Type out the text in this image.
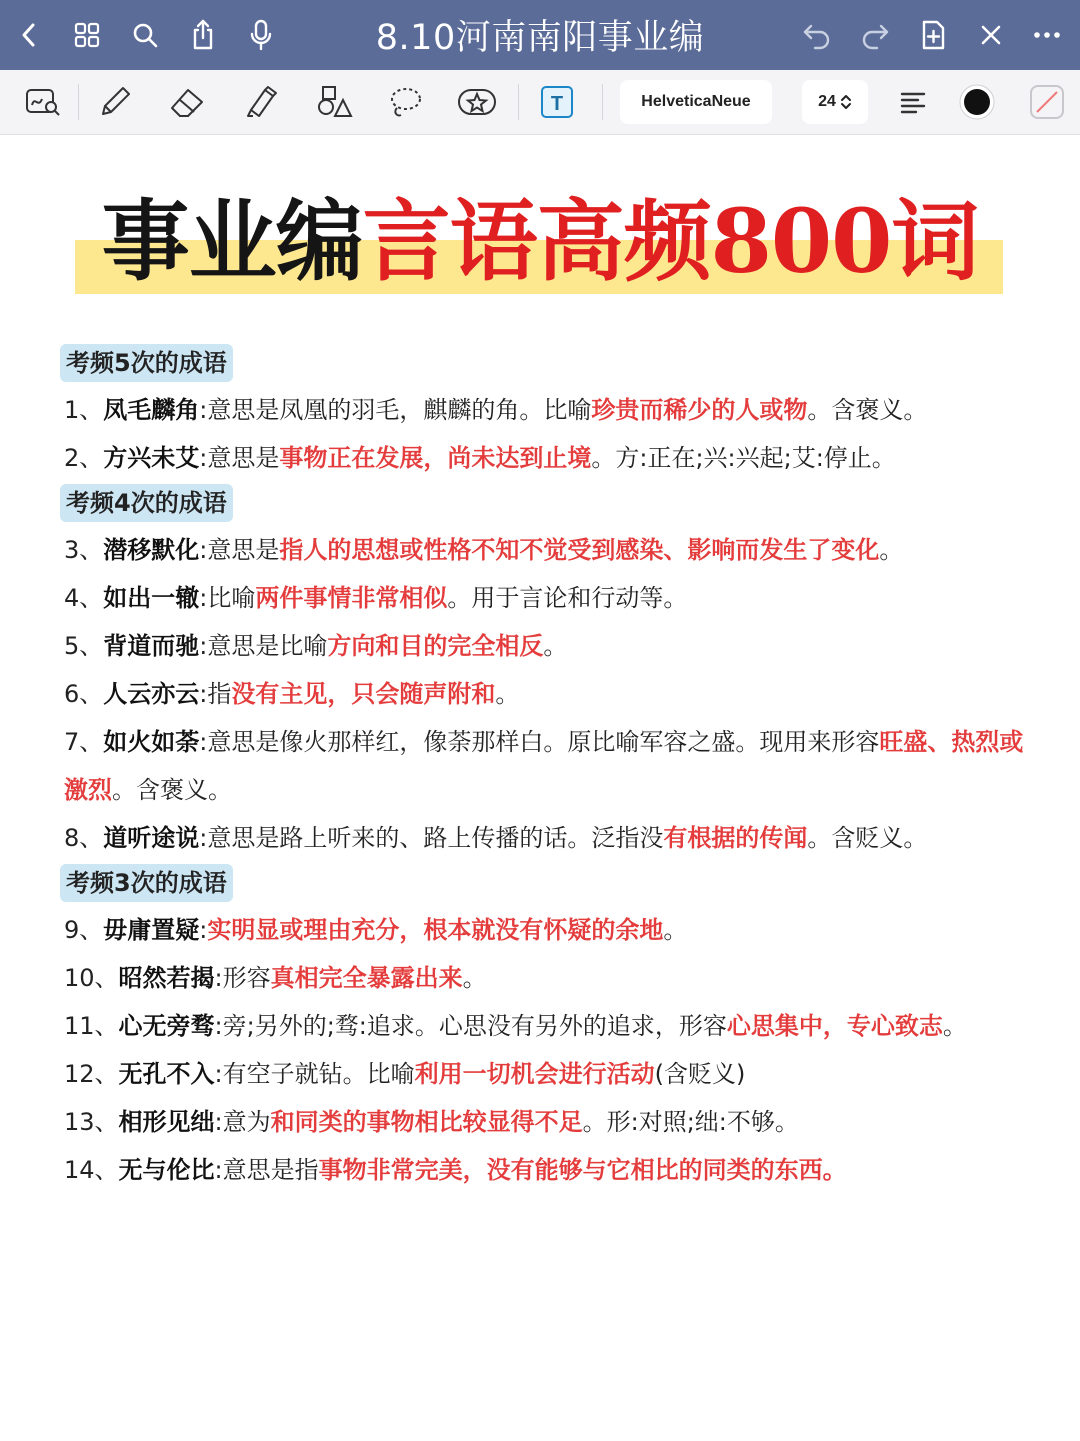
8.10河南南阳事业编
T	HelveticaNeue	24
事业编言语高频800词
考频5次的成语
1、凤毛麟角:意思是凤凰的羽毛，麒麟的角。比喻珍贵而稀少的人或物。含褒义。
2、方兴未艾:意思是事物正在发展，尚未达到止境。方:正在;兴:兴起;艾:停止。
考频4次的成语
3、潜移默化:意思是指人的思想或性格不知不觉受到感染、影响而发生了变化。
4、如出一辙:比喻两件事情非常相似。用于言论和行动等。
5、背道而驰:意思是比喻方向和目的完全相反。
6、人云亦云:指没有主见，只会随声附和。
7、如火如荼:意思是像火那样红，像荼那样白。原比喻军容之盛。现用来形容旺盛、热烈或激烈。含褒义。
8、道听途说:意思是路上听来的、路上传播的话。泛指没有根据的传闻。含贬义。
考频3次的成语
9、毋庸置疑:实明显或理由充分，根本就没有怀疑的余地。
10、昭然若揭:形容真相完全暴露出来。
11、心无旁骛:旁;另外的;骛:追求。心思没有另外的追求，形容心思集中，专心致志。
12、无孔不入:有空子就钻。比喻利用一切机会进行活动(含贬义)
13、相形见绌:意为和同类的事物相比较显得不足。形:对照;绌:不够。
14、无与伦比:意思是指事物非常完美，没有能够与它相比的同类的东西。
